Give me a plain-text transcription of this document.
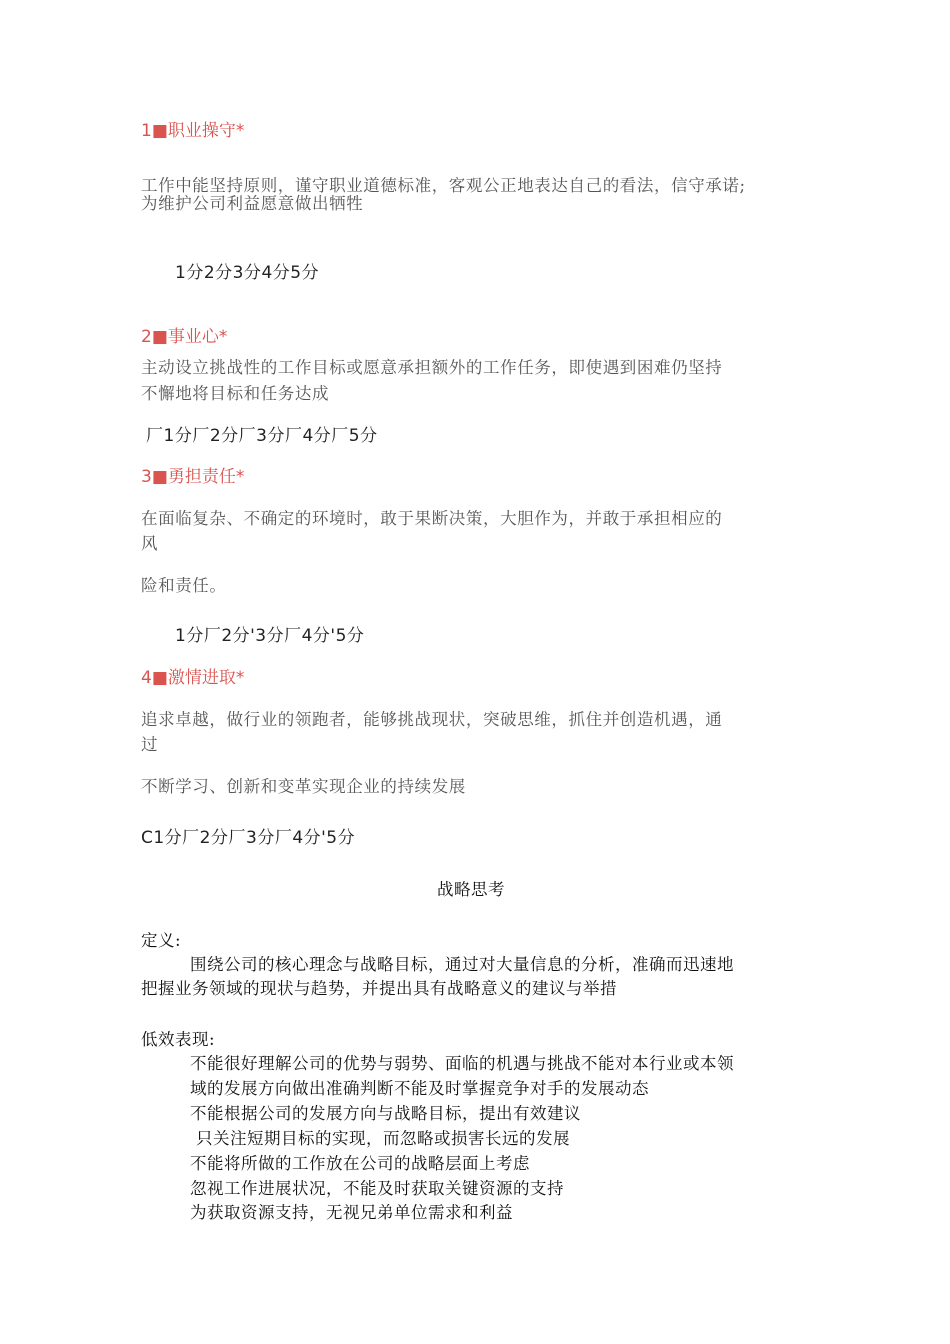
1■职业操守*
工作中能坚持原则，谨守职业道德标准，客观公正地表达自己的看法，信守承诺;
为维护公司利益愿意做出牺牲
1分2分3分4分5分
2■事业心*
主动设立挑战性的工作目标或愿意承担额外的工作任务，即使遇到困难仍坚持
不懈地将目标和任务达成
厂1分厂2分厂3分厂4分厂5分
3■勇担责任*
在面临复杂、不确定的环境时，敢于果断决策，大胆作为，并敢于承担相应的
风
险和责任。
1分厂2分'3分厂4分'5分
4■激情进取*
追求卓越，做行业的领跑者，能够挑战现状，突破思维，抓住并创造机遇，通
过
不断学习、创新和变革实现企业的持续发展
C1分厂2分厂3分厂4分'5分
战略思考
定义:
围绕公司的核心理念与战略目标，通过对大量信息的分析，准确而迅速地
把握业务领域的现状与趋势，并提出具有战略意义的建议与举措
低效表现:
不能很好理解公司的优势与弱势、面临的机遇与挑战不能对本行业或本领
域的发展方向做出准确判断不能及时掌握竞争对手的发展动态
不能根据公司的发展方向与战略目标，提出有效建议
只关注短期目标的实现，而忽略或损害长远的发展
不能将所做的工作放在公司的战略层面上考虑
忽视工作进展状况，不能及时获取关键资源的支持
为获取资源支持，无视兄弟单位需求和利益
